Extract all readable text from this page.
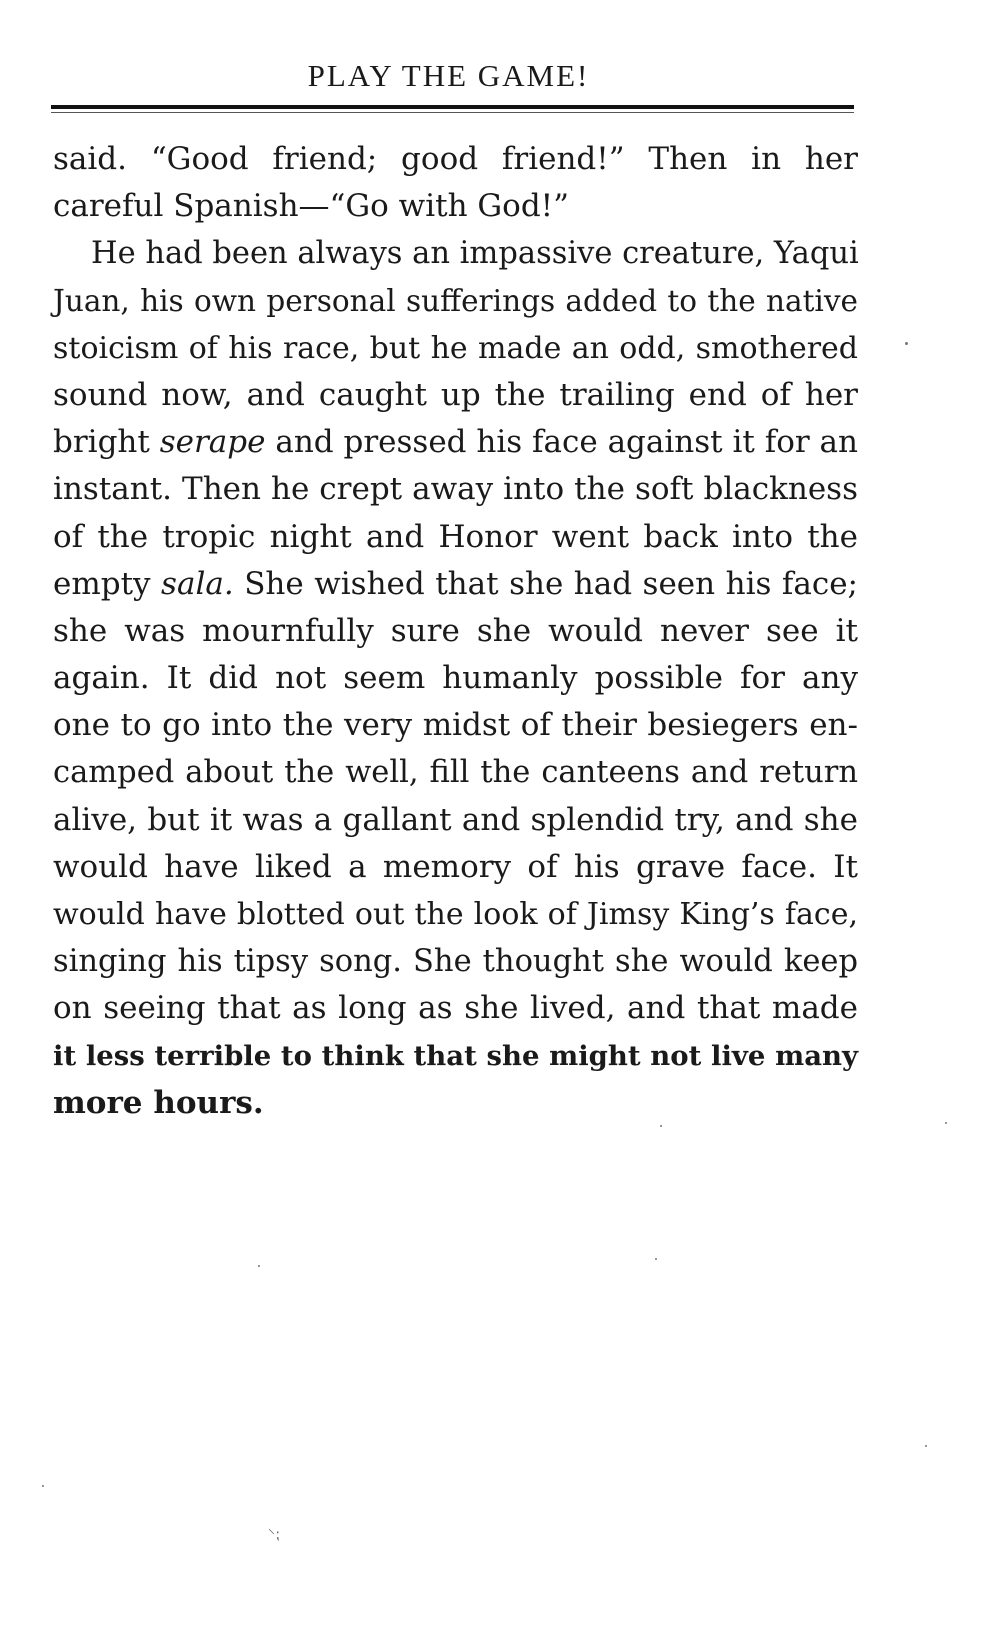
PLAY THE GAME!
said. “Good friend; good friend!” Then in her
careful Spanish—“Go with God!”
He had been always an impassive creature, Yaqui
Juan, his own personal sufferings added to the native
stoicism of his race, but he made an odd, smothered
sound now, and caught up the trailing end of her
bright serape and pressed his face against it for an
instant. Then he crept away into the soft blackness
of the tropic night and Honor went back into the
empty sala. She wished that she had seen his face;
she was mournfully sure she would never see it
again. It did not seem humanly possible for any
one to go into the very midst of their besiegers en-
camped about the well, fill the canteens and return
alive, but it was a gallant and splendid try, and she
would have liked a memory of his grave face. It
would have blotted out the look of Jimsy King’s face,
singing his tipsy song. She thought she would keep
on seeing that as long as she lived, and that made
it less terrible to think that she might not live many
more hours.
⸌⁏
